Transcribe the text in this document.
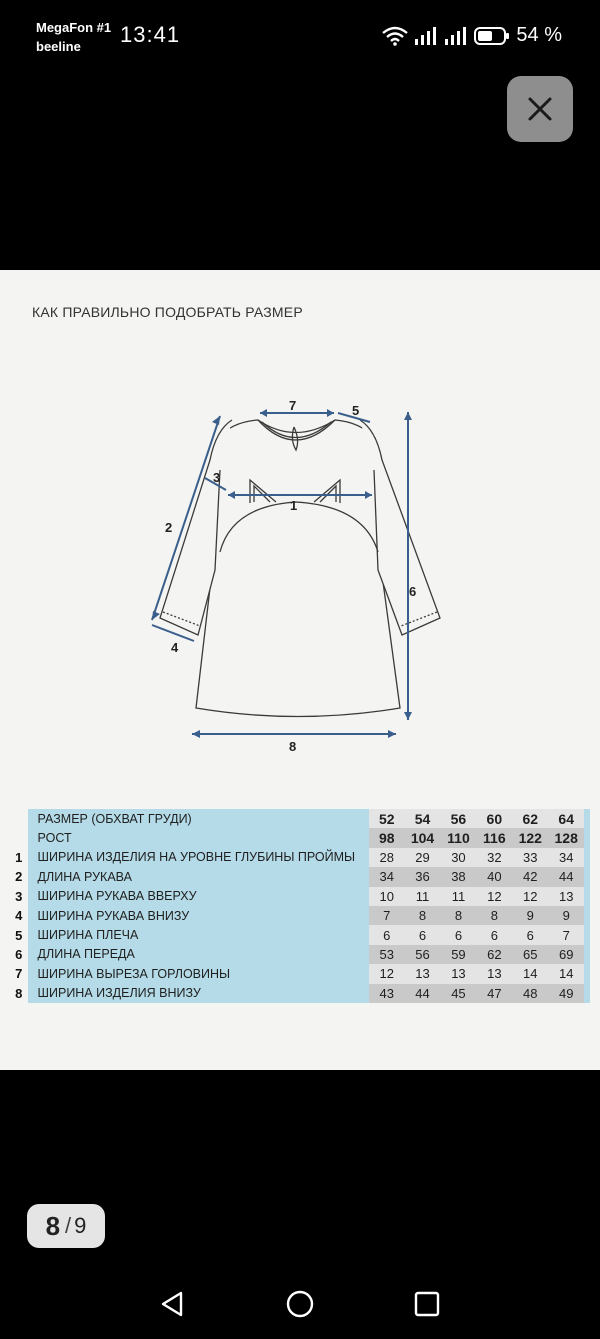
MegaFon #1
beeline	13:41	54 %
КАК ПРАВИЛЬНО ПОДОБРАТЬ РАЗМЕР
1
2
3
4
5
6
7
8
	РАЗМЕР (ОБХВАТ ГРУДИ)	52	54	56	60	62	64	
	РОСТ	98	104	110	116	122	128	
1	ШИРИНА ИЗДЕЛИЯ НА УРОВНЕ ГЛУБИНЫ ПРОЙМЫ	28	29	30	32	33	34	
2	ДЛИНА РУКАВА	34	36	38	40	42	44	
3	ШИРИНА РУКАВА ВВЕРХУ	10	11	11	12	12	13	
4	ШИРИНА РУКАВА ВНИЗУ	7	8	8	8	9	9	
5	ШИРИНА ПЛЕЧА	6	6	6	6	6	7	
6	ДЛИНА ПЕРЕДА	53	56	59	62	65	69	
7	ШИРИНА ВЫРЕЗА ГОРЛОВИНЫ	12	13	13	13	14	14	
8	ШИРИНА ИЗДЕЛИЯ ВНИЗУ	43	44	45	47	48	49	
8 / 9
